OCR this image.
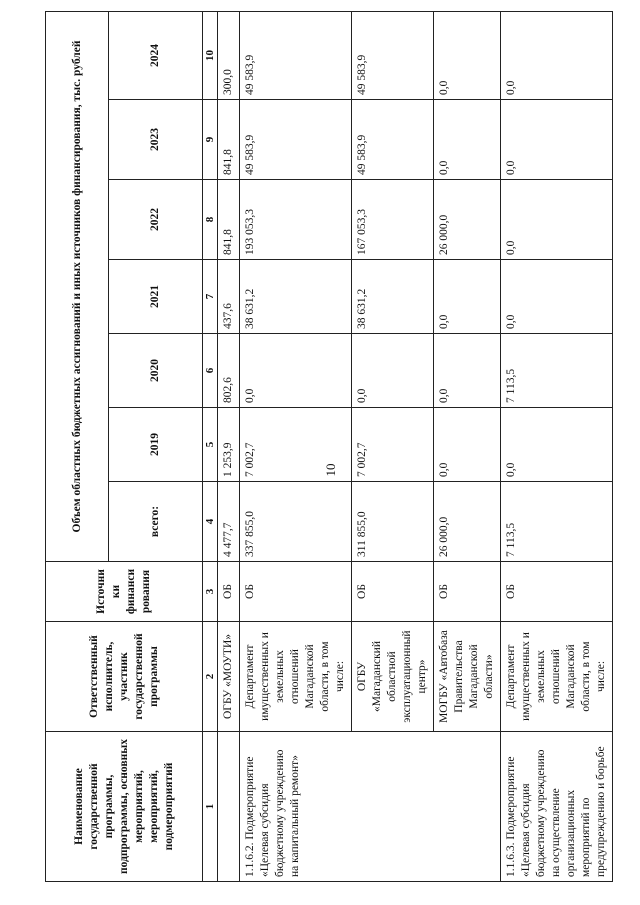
10
Наименование государственной программы, подпрограммы, основных мероприятий, мероприятий, подмероприятий	Ответственный исполнитель, участник государственной программы	Источни ки финанси рования	Объем областных бюджетных ассигнований и иных источников финансирования, тыс. рублей						
			всего:	2019	2020	2021	2022	2023	2024
1	2	3	4	5	6	7	8	9	10
	ОГБУ «МОУТИ»	ОБ	4 477,7	1 253,9	802,6	437,6	841,8	841,8	300,0
1.1.6.2. Подмероприятие «Целевая субсидия бюджетному учреждению на капитальный ремонт»	Департамент имущественных и земельных отношений Магаданской области, в том числе:	ОБ	337 855,0	7 002,7	0,0	38 631,2	193 053,3	49 583,9	49 583,9
	ОГБУ «Магаданский областной эксплуатационный центр»	ОБ	311 855,0	7 002,7	0,0	38 631,2	167 053,3	49 583,9	49 583,9
	МОГБУ «Автобаза Правительства Магаданской области»	ОБ	26 000,0	0,0	0,0	0,0	26 000,0	0,0	0,0
1.1.6.3. Подмероприятие «Целевая субсидия бюджетному учреждению на осуществление организационных мероприятий по предупреждению и борьбе	Департамент имущественных и земельных отношений Магаданской области, в том числе:	ОБ	7 113,5	0,0	7 113,5	0,0	0,0	0,0	0,0
